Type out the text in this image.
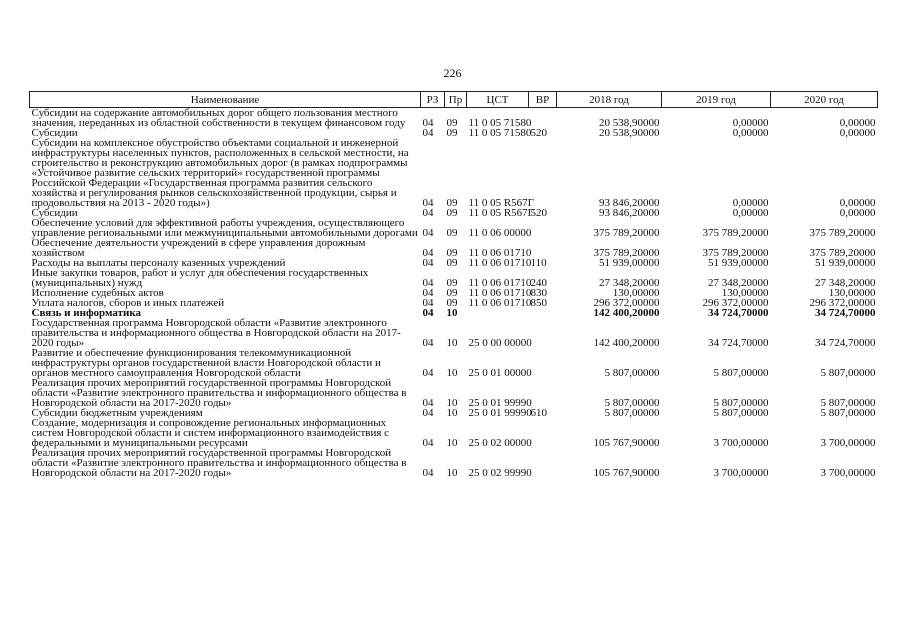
226
Наименование	РЗ	Пр	ЦСТ	ВР	2018 год	2019 год	2020 год
Субсидии на содержание автомобильных дорог общего пользования местного значения, переданных из областной собственности в текущем финансовом году	04	09	11 0 05 71580		20 538,90000	0,00000	0,00000
Субсидии	04	09	11 0 05 71580	520	20 538,90000	0,00000	0,00000
Субсидии на комплексное обустройство объектами социальной и инженерной инфраструктуры населенных пунктов, расположенных в сельской местности, на строительство и реконструкцию автомобильных дорог (в рамках подпрограммы «Устойчивое развитие сельских территорий» государственной программы Российской Федерации «Государственная программа развития сельского хозяйства и регулирования рынков сельскохозяйственной продукции, сырья и продовольствия на 2013 - 2020 годы»)	04	09	11 0 05 R567Г		93 846,20000	0,00000	0,00000
Субсидии	04	09	11 0 05 R567Г	520	93 846,20000	0,00000	0,00000
Обеспечение условий для эффективной работы учреждения, осуществляющего управление региональными или межмуниципальными автомобильными дорогами	04	09	11 0 06 00000		375 789,20000	375 789,20000	375 789,20000
Обеспечение деятельности учреждений в сфере управления дорожным хозяйством	04	09	11 0 06 01710		375 789,20000	375 789,20000	375 789,20000
Расходы на выплаты персоналу казенных учреждений	04	09	11 0 06 01710	110	51 939,00000	51 939,00000	51 939,00000
Иные закупки товаров, работ и услуг для обеспечения государственных (муниципальных) нужд	04	09	11 0 06 01710	240	27 348,20000	27 348,20000	27 348,20000
Исполнение судебных актов	04	09	11 0 06 01710	830	130,00000	130,00000	130,00000
Уплата налогов, сборов и иных платежей	04	09	11 0 06 01710	850	296 372,00000	296 372,00000	296 372,00000
Связь и информатика	04	10			142 400,20000	34 724,70000	34 724,70000
Государственная программа Новгородской области «Развитие электронного правительства и информационного общества в Новгородской области на 2017-2020 годы»	04	10	25 0 00 00000		142 400,20000	34 724,70000	34 724,70000
Развитие и обеспечение функционирования телекоммуникационной инфраструктуры органов государственной власти Новгородской области и органов местного самоуправления Новгородской области	04	10	25 0 01 00000		5 807,00000	5 807,00000	5 807,00000
Реализация прочих мероприятий государственной программы Новгородской области «Развитие электронного правительства и информационного общества в Новгородской области на 2017-2020 годы»	04	10	25 0 01 99990		5 807,00000	5 807,00000	5 807,00000
Субсидии бюджетным учреждениям	04	10	25 0 01 99990	610	5 807,00000	5 807,00000	5 807,00000
Создание, модернизация и сопровождение региональных информационных систем Новгородской области и систем информационного взаимодействия с федеральными и муниципальными ресурсами	04	10	25 0 02 00000		105 767,90000	3 700,00000	3 700,00000
Реализация прочих мероприятий государственной программы Новгородской области «Развитие электронного правительства и информационного общества в Новгородской области на 2017-2020 годы»	04	10	25 0 02 99990		105 767,90000	3 700,00000	3 700,00000
